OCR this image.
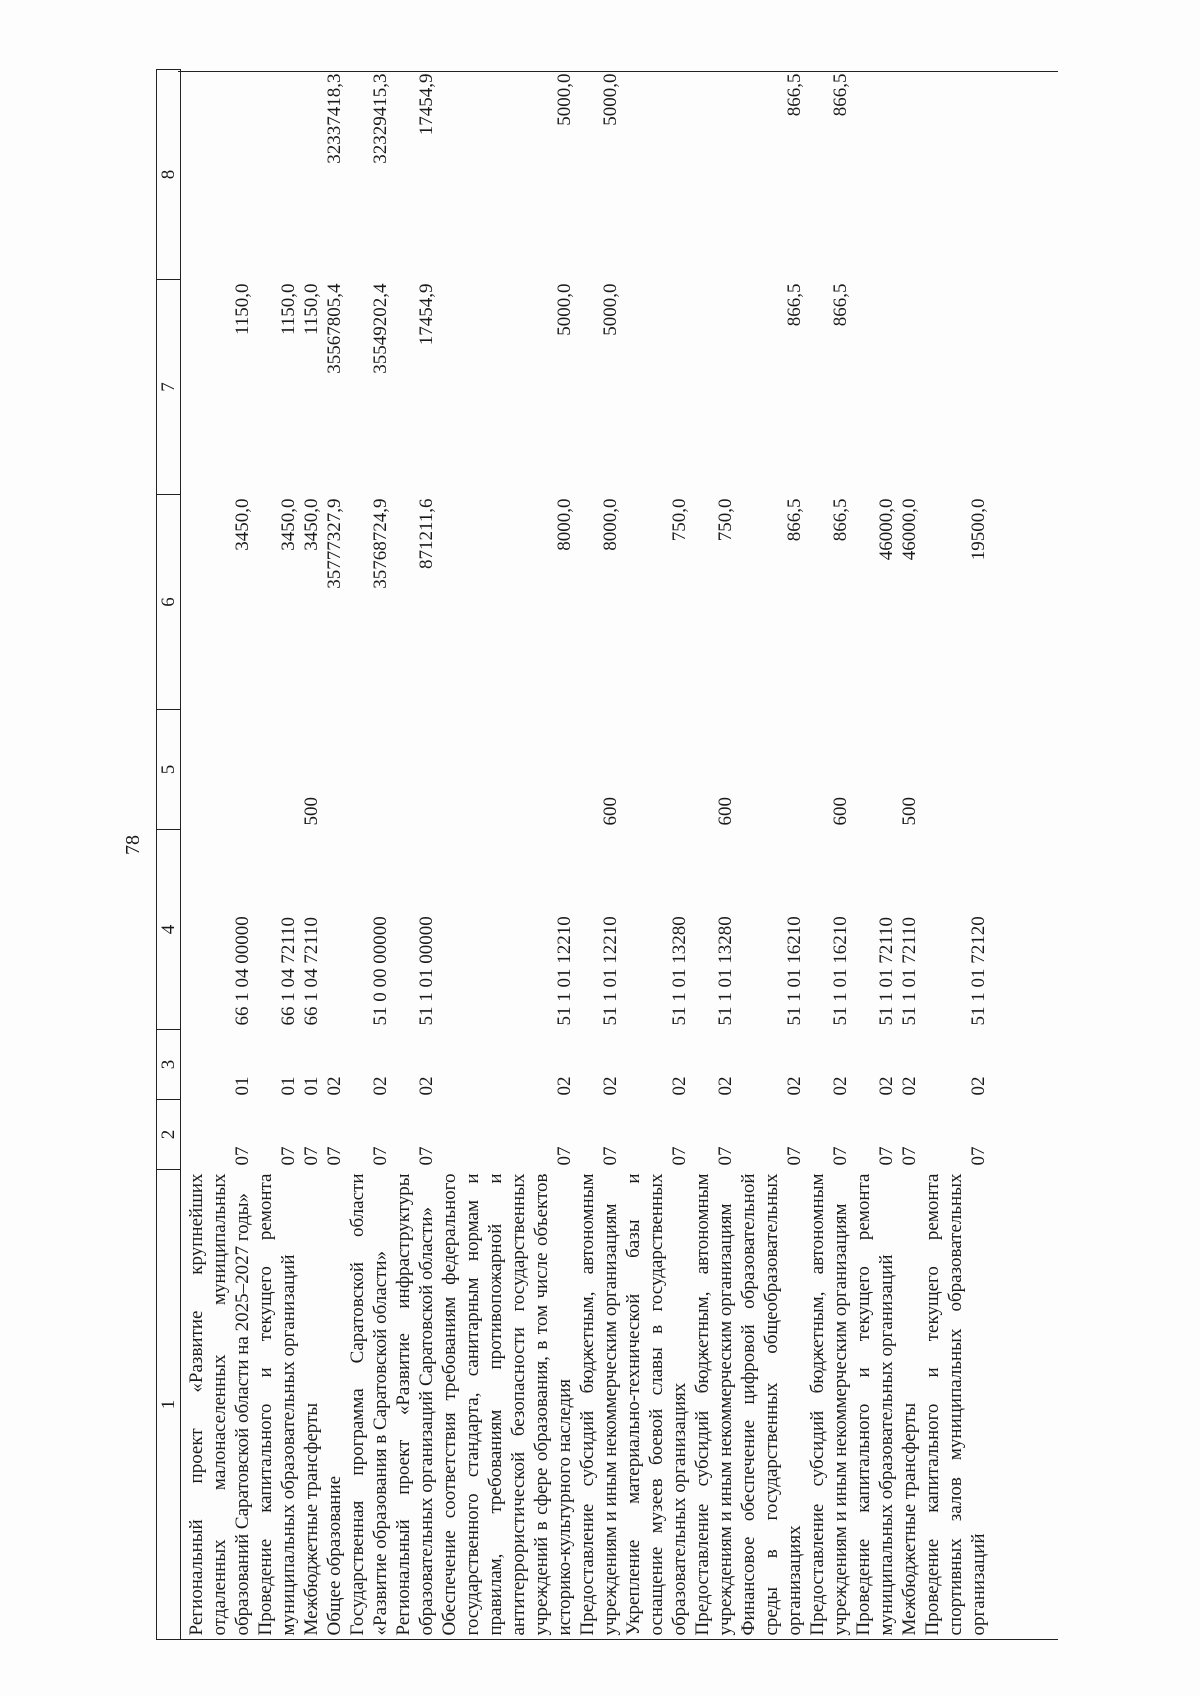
78
1	2	3	4	5	6	7	8
Региональный проект «Развитие крупнейших отдаленных малонаселенных муниципальных образований Саратовской области на 2025–2027 годы»	07	01	66 1 04 00000		3450,0	1150,0	
Проведение капитального и текущего ремонта муниципальных образовательных организаций	07	01	66 1 04 72110		3450,0	1150,0	
Межбюджетные трансферты	07	01	66 1 04 72110	500	3450,0	1150,0	
Общее образование	07	02			35777327,9	35567805,4	32337418,3
Государственная программа Саратовской области «Развитие образования в Саратовской области»	07	02	51 0 00 00000		35768724,9	35549202,4	32329415,3
Региональный проект «Развитие инфраструктуры образовательных организаций Саратовской области»	07	02	51 1 01 00000		871211,6	17454,9	17454,9
Обеспечение соответствия требованиям федерального государственного стандарта, санитарным нормам и правилам, требованиям противопожарной и антитеррористической безопасности государственных учреждений в сфере образования, в том числе объектов историко-культурного наследия	07	02	51 1 01 12210		8000,0	5000,0	5000,0
Предоставление субсидий бюджетным, автономным учреждениям и иным некоммерческим организациям	07	02	51 1 01 12210	600	8000,0	5000,0	5000,0
Укрепление материально-технической базы и оснащение музеев боевой славы в государственных образовательных организациях	07	02	51 1 01 13280		750,0		
Предоставление субсидий бюджетным, автономным учреждениям и иным некоммерческим организациям	07	02	51 1 01 13280	600	750,0		
Финансовое обеспечение цифровой образовательной среды в государственных общеобразовательных организациях	07	02	51 1 01 16210		866,5	866,5	866,5
Предоставление субсидий бюджетным, автономным учреждениям и иным некоммерческим организациям	07	02	51 1 01 16210	600	866,5	866,5	866,5
Проведение капитального и текущего ремонта муниципальных образовательных организаций	07	02	51 1 01 72110		46000,0		
Межбюджетные трансферты	07	02	51 1 01 72110	500	46000,0		
Проведение капитального и текущего ремонта спортивных залов муниципальных образовательных организаций	07	02	51 1 01 72120		19500,0		
